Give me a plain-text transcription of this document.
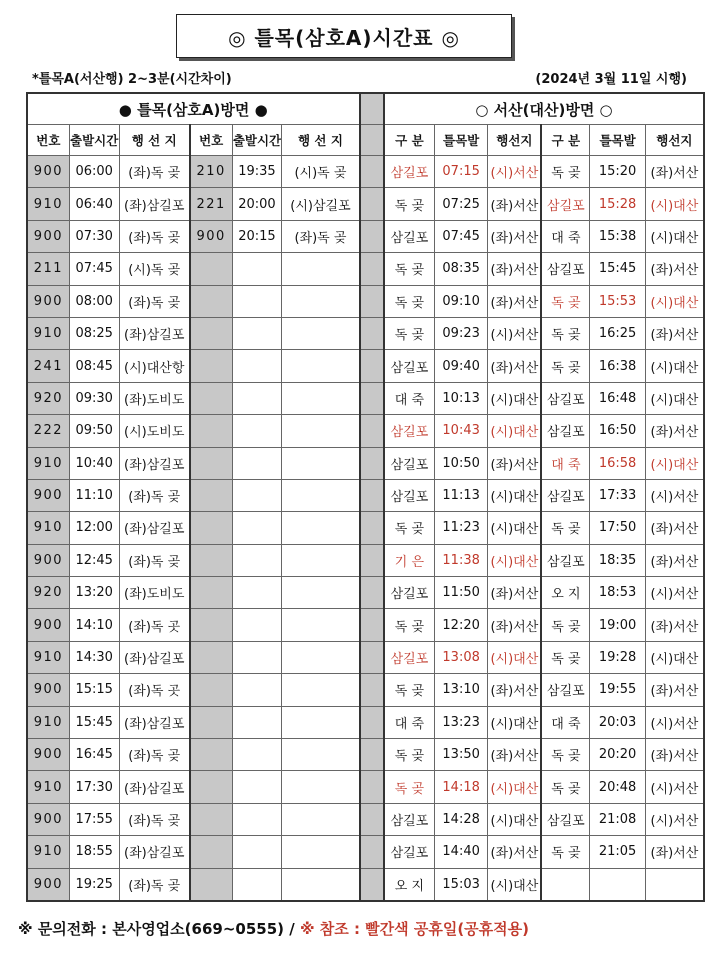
◎ 틀목(삼호A)시간표 ◎
*틀목A(서산행) 2~3분(시간차이)	(2024년 3월 11일 시행)
● 틀목(삼호A)방면 ●							○ 서산(대산)방면 ○					
번호	출발시간	행 선 지	번호	출발시간	행 선 지		구 분	틀목발	행선지	구 분	틀목발	행선지
900	06:00	(좌)독 곶	210	19:35	(시)독 곶		삼길포	07:15	(시)서산	독 곶	15:20	(좌)서산
910	06:40	(좌)삼길포	221	20:00	(시)삼길포		독 곶	07:25	(좌)서산	삼길포	15:28	(시)대산
900	07:30	(좌)독 곶	900	20:15	(좌)독 곶		삼길포	07:45	(좌)서산	대 죽	15:38	(시)대산
211	07:45	(시)독 곶					독 곶	08:35	(좌)서산	삼길포	15:45	(좌)서산
900	08:00	(좌)독 곶					독 곶	09:10	(좌)서산	독 곶	15:53	(시)대산
910	08:25	(좌)삼길포					독 곶	09:23	(시)서산	독 곶	16:25	(좌)서산
241	08:45	(시)대산항					삼길포	09:40	(좌)서산	독 곶	16:38	(시)대산
920	09:30	(좌)도비도					대 죽	10:13	(시)대산	삼길포	16:48	(시)대산
222	09:50	(시)도비도					삼길포	10:43	(시)대산	삼길포	16:50	(좌)서산
910	10:40	(좌)삼길포					삼길포	10:50	(좌)서산	대 죽	16:58	(시)대산
900	11:10	(좌)독 곶					삼길포	11:13	(시)대산	삼길포	17:33	(시)서산
910	12:00	(좌)삼길포					독 곶	11:23	(시)대산	독 곶	17:50	(좌)서산
900	12:45	(좌)독 곶					기 은	11:38	(시)대산	삼길포	18:35	(좌)서산
920	13:20	(좌)도비도					삼길포	11:50	(좌)서산	오 지	18:53	(시)서산
900	14:10	(좌)독 곳					독 곶	12:20	(좌)서산	독 곶	19:00	(좌)서산
910	14:30	(좌)삼길포					삼길포	13:08	(시)대산	독 곶	19:28	(시)대산
900	15:15	(좌)독 곳					독 곶	13:10	(좌)서산	삼길포	19:55	(좌)서산
910	15:45	(좌)삼길포					대 죽	13:23	(시)대산	대 죽	20:03	(시)서산
900	16:45	(좌)독 곶					독 곶	13:50	(좌)서산	독 곶	20:20	(좌)서산
910	17:30	(좌)삼길포					독 곶	14:18	(시)대산	독 곶	20:48	(시)서산
900	17:55	(좌)독 곶					삼길포	14:28	(시)대산	삼길포	21:08	(시)서산
910	18:55	(좌)삼길포					삼길포	14:40	(좌)서산	독 곶	21:05	(좌)서산
900	19:25	(좌)독 곶					오 지	15:03	(시)대산			
※ 문의전화 : 본사영업소(669~0555) / ※ 참조 : 빨간색 공휴일(공휴적용)
